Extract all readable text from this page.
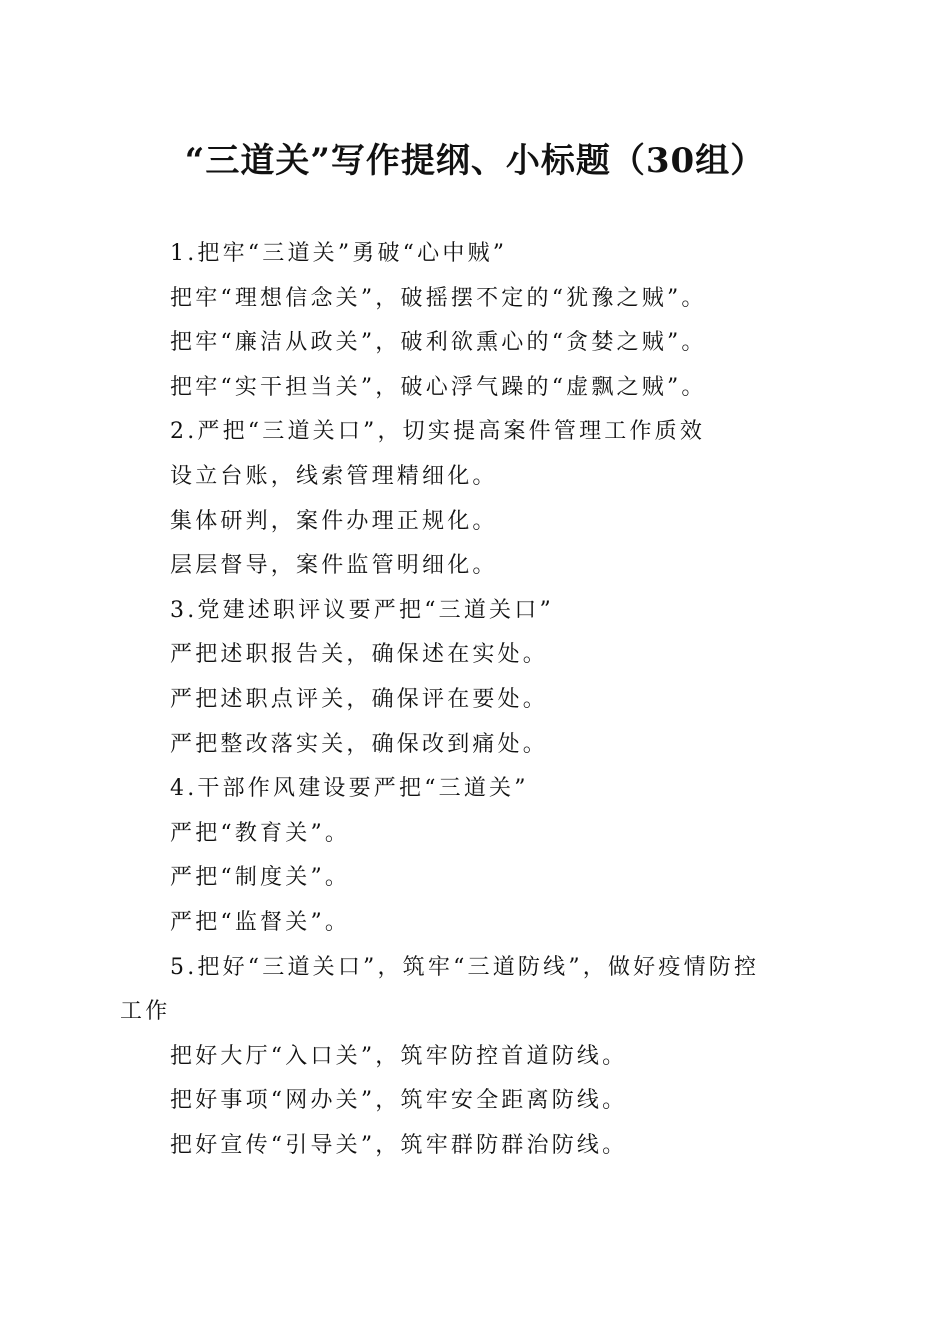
“三道关”写作提纲、小标题（30组）

1.把牢“三道关”勇破“心中贼”

把牢“理想信念关”，破摇摆不定的“犹豫之贼”。

把牢“廉洁从政关”，破利欲熏心的“贪婪之贼”。

把牢“实干担当关”，破心浮气躁的“虚飘之贼”。

2.严把“三道关口”，切实提高案件管理工作质效

设立台账，线索管理精细化。

集体研判，案件办理正规化。

层层督导，案件监管明细化。

3.党建述职评议要严把“三道关口”

严把述职报告关，确保述在实处。

严把述职点评关，确保评在要处。

严把整改落实关，确保改到痛处。

4.干部作风建设要严把“三道关”

严把“教育关”。

严把“制度关”。

严把“监督关”。

5.把好“三道关口”，筑牢“三道防线”，做好疫情防控

工作

把好大厅“入口关”，筑牢防控首道防线。

把好事项“网办关”，筑牢安全距离防线。

把好宣传“引导关”，筑牢群防群治防线。
